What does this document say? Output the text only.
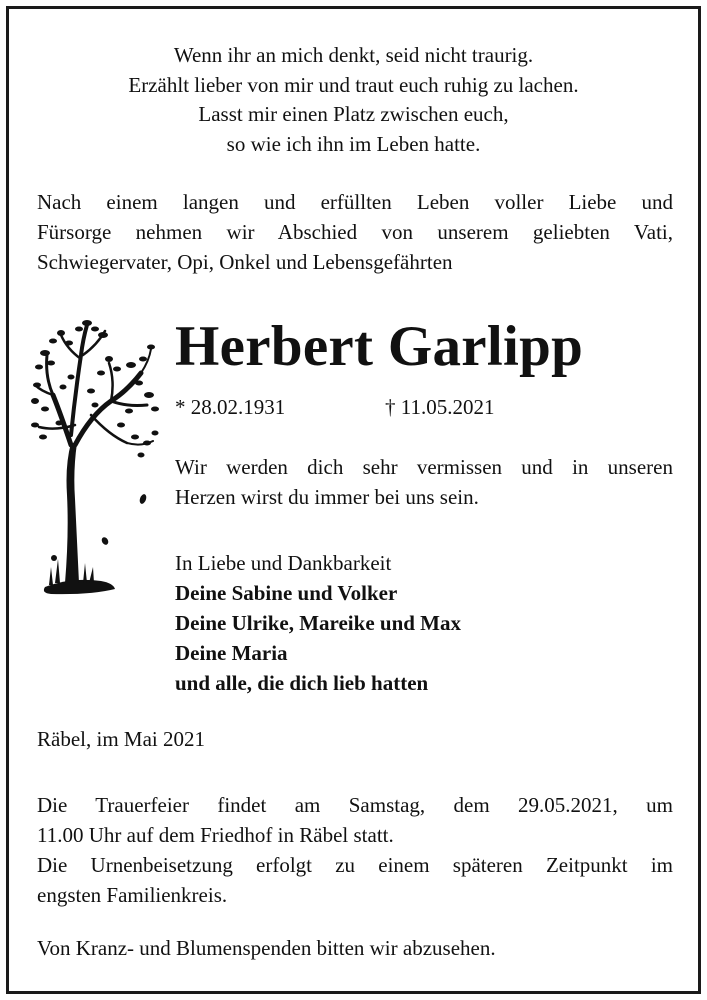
Wenn ihr an mich denkt, seid nicht traurig.
Erzählt lieber von mir und traut euch ruhig zu lachen.
Lasst mir einen Platz zwischen euch,
so wie ich ihn im Leben hatte.
Nach einem langen und erfüllten Leben voller Liebe und
Fürsorge nehmen wir Abschied von unserem geliebten Vati,
Schwiegervater, Opi, Onkel und Lebensgefährten
Herbert Garlipp
* 28.02.1931	† 11.05.2021
Wir werden dich sehr vermissen und in unseren
Herzen wirst du immer bei uns sein.
In Liebe und Dankbarkeit
Deine Sabine und Volker
Deine Ulrike, Mareike und Max
Deine Maria
und alle, die dich lieb hatten
Räbel, im Mai 2021
Die Trauerfeier findet am Samstag, dem 29.05.2021, um
11.00 Uhr auf dem Friedhof in Räbel statt.
Die Urnenbeisetzung erfolgt zu einem späteren Zeitpunkt im
engsten Familienkreis.
Von Kranz- und Blumenspenden bitten wir abzusehen.
